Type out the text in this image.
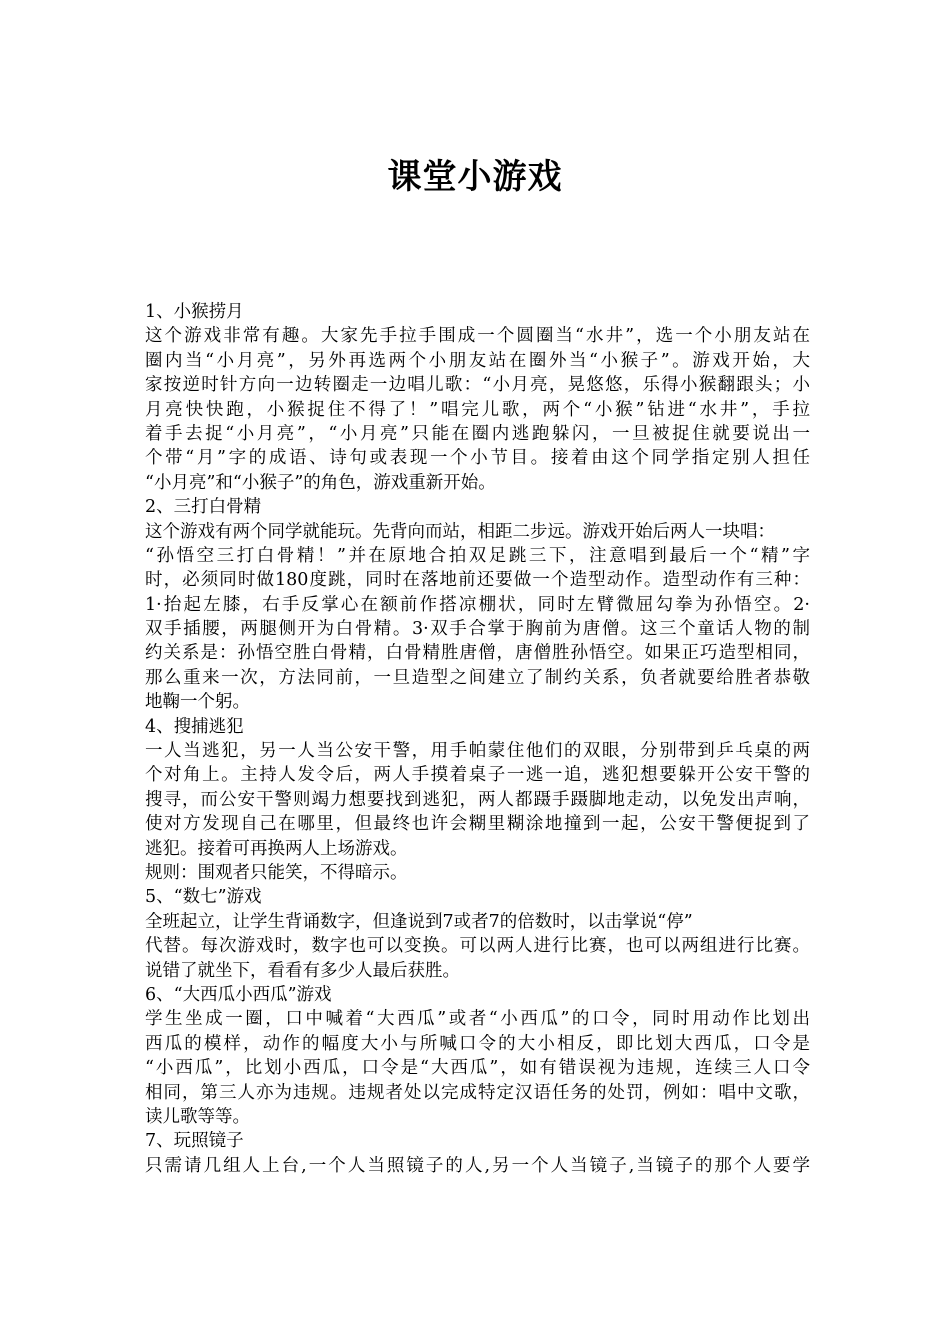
课堂小游戏
1、小猴捞月
这个游戏非常有趣。大家先手拉手围成一个圆圈当“水井”，选一个小朋友站在
圈内当“小月亮”，另外再选两个小朋友站在圈外当“小猴子”。游戏开始，大
家按逆时针方向一边转圈走一边唱儿歌：“小月亮，晃悠悠，乐得小猴翻跟头；小
月亮快快跑，小猴捉住不得了！”唱完儿歌，两个“小猴”钻进“水井”，手拉
着手去捉“小月亮”，“小月亮”只能在圈内逃跑躲闪，一旦被捉住就要说出一
个带“月”字的成语、诗句或表现一个小节目。接着由这个同学指定别人担任
“小月亮”和“小猴子”的角色，游戏重新开始。
2、三打白骨精
这个游戏有两个同学就能玩。先背向而站，相距二步远。游戏开始后两人一块唱：
“孙悟空三打白骨精！”并在原地合拍双足跳三下，注意唱到最后一个“精”字
时，必须同时做180度跳，同时在落地前还要做一个造型动作。造型动作有三种：
1·抬起左膝，右手反掌心在额前作搭凉棚状，同时左臂微屈勾拳为孙悟空。2·
双手插腰，两腿侧开为白骨精。3·双手合掌于胸前为唐僧。这三个童话人物的制
约关系是：孙悟空胜白骨精，白骨精胜唐僧，唐僧胜孙悟空。如果正巧造型相同，
那么重来一次，方法同前，一旦造型之间建立了制约关系，负者就要给胜者恭敬
地鞠一个躬。
4、搜捕逃犯
一人当逃犯，另一人当公安干警，用手帕蒙住他们的双眼，分别带到乒乓桌的两
个对角上。主持人发令后，两人手摸着桌子一逃一追，逃犯想要躲开公安干警的
搜寻，而公安干警则竭力想要找到逃犯，两人都蹑手蹑脚地走动，以免发出声响，
使对方发现自己在哪里，但最终也许会糊里糊涂地撞到一起，公安干警便捉到了
逃犯。接着可再换两人上场游戏。
规则：围观者只能笑，不得暗示。
5、“数七”游戏
全班起立，让学生背诵数字，但逢说到7或者7的倍数时，以击掌说“停”
代替。每次游戏时，数字也可以变换。可以两人进行比赛，也可以两组进行比赛。
说错了就坐下，看看有多少人最后获胜。
6、“大西瓜小西瓜”游戏
学生坐成一圈，口中喊着“大西瓜”或者“小西瓜”的口令，同时用动作比划出
西瓜的模样，动作的幅度大小与所喊口令的大小相反，即比划大西瓜，口令是
“小西瓜”，比划小西瓜，口令是“大西瓜”，如有错误视为违规，连续三人口令
相同，第三人亦为违规。违规者处以完成特定汉语任务的处罚，例如：唱中文歌，
读儿歌等等。
7、玩照镜子
只需请几组人上台,一个人当照镜子的人,另一个人当镜子,当镜子的那个人要学
